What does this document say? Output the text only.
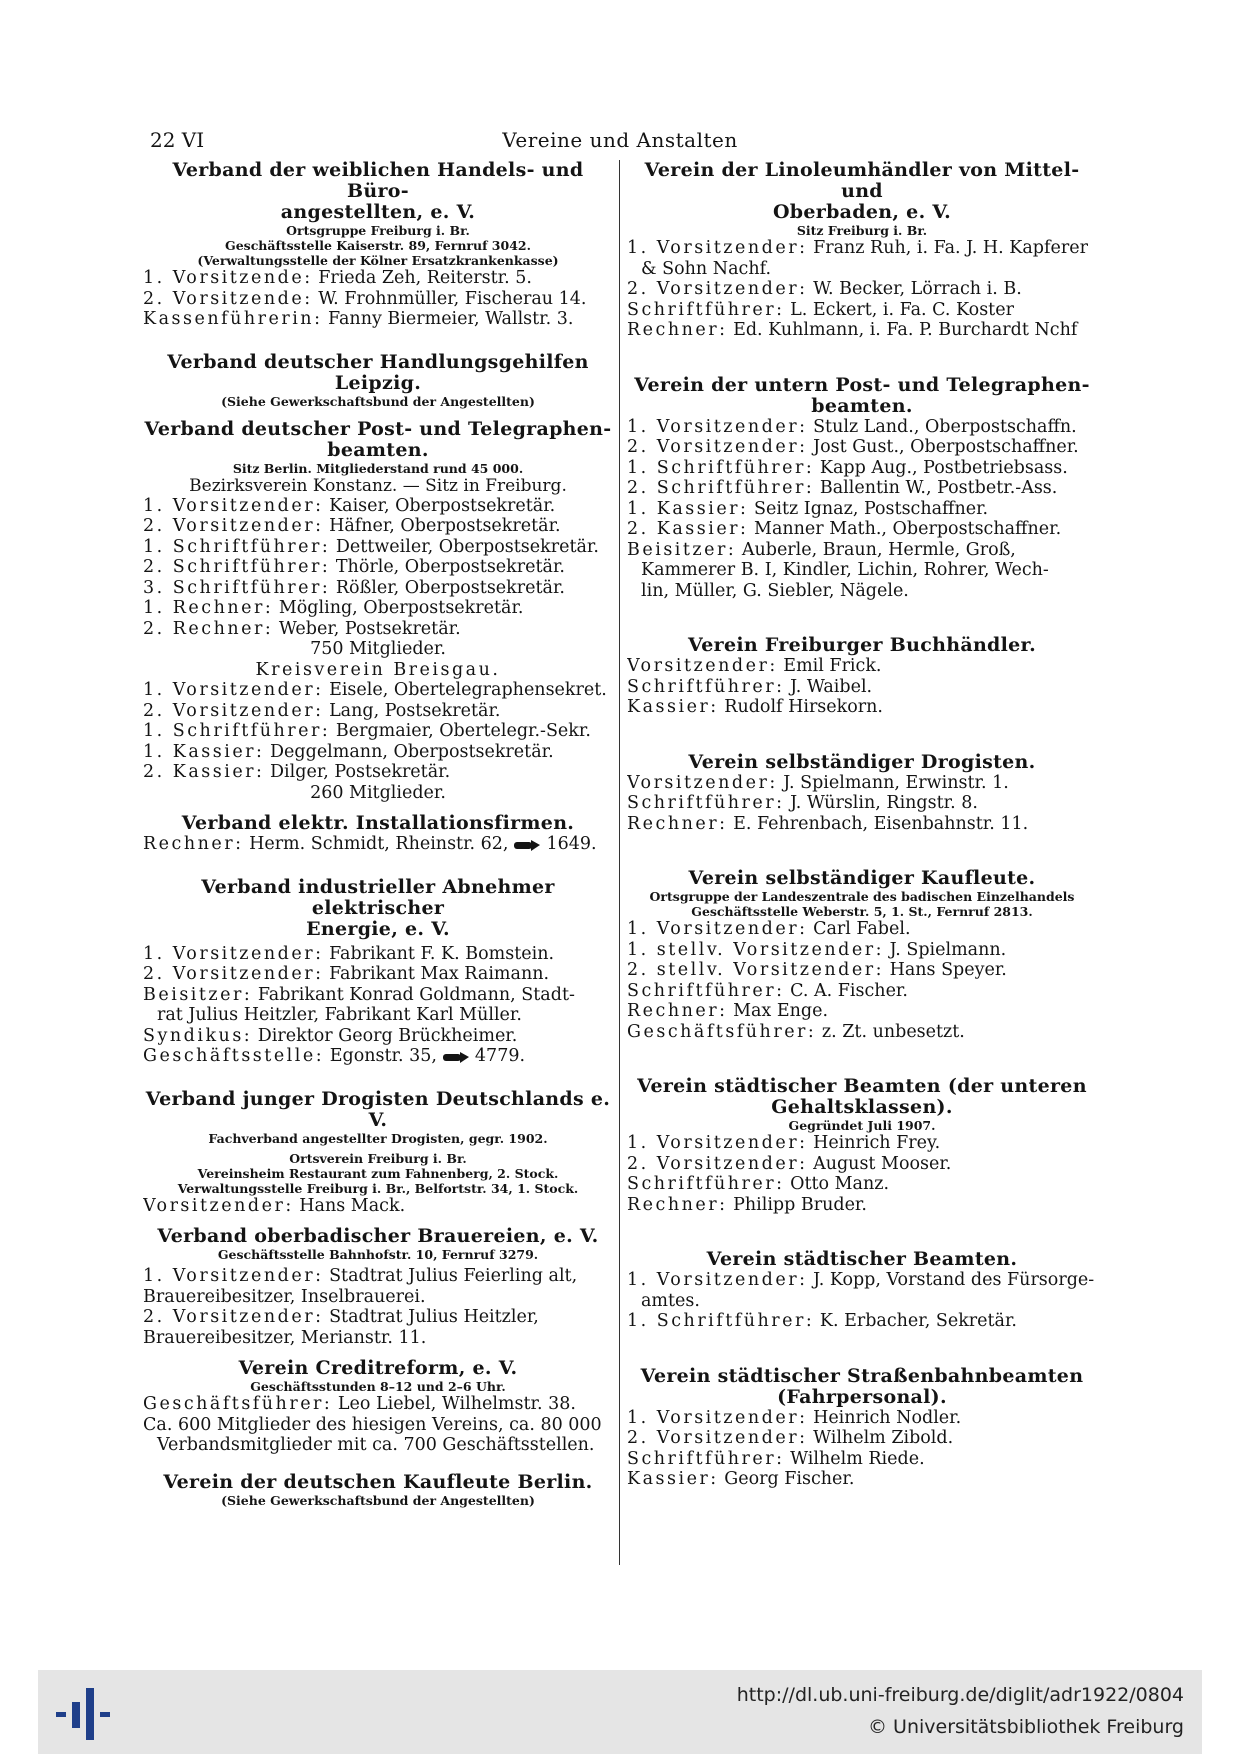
22 VI	Vereine und Anstalten

Verband der weiblichen Handels- und Büro-

angestellten, e. V.

Ortsgruppe Freiburg i. Br.

Geschäftsstelle Kaiserstr. 89, Fernruf 3042.

(Verwaltungsstelle der Kölner Ersatzkrankenkasse)

1. Vorsitzende: Frieda Zeh, Reiterstr. 5.

2. Vorsitzende: W. Frohnmüller, Fischerau 14.

Kassenführerin: Fanny Biermeier, Wallstr. 3.

Verband deutscher Handlungsgehilfen Leipzig.

(Siehe Gewerkschaftsbund der Angestellten)

Verband deutscher Post- und Telegraphen-

beamten.

Sitz Berlin. Mitgliederstand rund 45 000.

Bezirksverein Konstanz. — Sitz in Freiburg.

1. Vorsitzender: Kaiser, Oberpostsekretär.

2. Vorsitzender: Häfner, Oberpostsekretär.

1. Schriftführer: Dettweiler, Oberpostsekretär.

2. Schriftführer: Thörle, Oberpostsekretär.

3. Schriftführer: Rößler, Oberpostsekretär.

1. Rechner: Mögling, Oberpostsekretär.

2. Rechner: Weber, Postsekretär.

750 Mitglieder.

Kreisverein Breisgau.

1. Vorsitzender: Eisele, Obertelegraphensekret.

2. Vorsitzender: Lang, Postsekretär.

1. Schriftführer: Bergmaier, Obertelegr.-Sekr.

1. Kassier: Deggelmann, Oberpostsekretär.

2. Kassier: Dilger, Postsekretär.

260 Mitglieder.

Verband elektr. Installationsfirmen.

Rechner: Herm. Schmidt, Rheinstr. 62, 1649.

Verband industrieller Abnehmer elektrischer

Energie, e. V.

1. Vorsitzender: Fabrikant F. K. Bomstein.

2. Vorsitzender: Fabrikant Max Raimann.

Beisitzer: Fabrikant Konrad Goldmann, Stadt-

rat Julius Heitzler, Fabrikant Karl Müller.

Syndikus: Direktor Georg Brückheimer.

Geschäftsstelle: Egonstr. 35, 4779.

Verband junger Drogisten Deutschlands e. V.

Fachverband angestellter Drogisten, gegr. 1902.

Ortsverein Freiburg i. Br.

Vereinsheim Restaurant zum Fahnenberg, 2. Stock.

Verwaltungsstelle Freiburg i. Br., Belfortstr. 34, 1. Stock.

Vorsitzender: Hans Mack.

Verband oberbadischer Brauereien, e. V.

Geschäftsstelle Bahnhofstr. 10, Fernruf 3279.

1. Vorsitzender: Stadtrat Julius Feierling alt,

Brauereibesitzer, Inselbrauerei.

2. Vorsitzender: Stadtrat Julius Heitzler,

Brauereibesitzer, Merianstr. 11.

Verein Creditreform, e. V.

Geschäftsstunden 8–12 und 2–6 Uhr.

Geschäftsführer: Leo Liebel, Wilhelmstr. 38.

Ca. 600 Mitglieder des hiesigen Vereins, ca. 80 000

Verbandsmitglieder mit ca. 700 Geschäftsstellen.

Verein der deutschen Kaufleute Berlin.

(Siehe Gewerkschaftsbund der Angestellten)

Verein der Linoleumhändler von Mittel- und

Oberbaden, e. V.

Sitz Freiburg i. Br.

1. Vorsitzender: Franz Ruh, i. Fa. J. H. Kapferer

& Sohn Nachf.

2. Vorsitzender: W. Becker, Lörrach i. B.

Schriftführer: L. Eckert, i. Fa. C. Koster

Rechner: Ed. Kuhlmann, i. Fa. P. Burchardt Nchf

Verein der untern Post- und Telegraphen-

beamten.

1. Vorsitzender: Stulz Land., Oberpostschaffn.

2. Vorsitzender: Jost Gust., Oberpostschaffner.

1. Schriftführer: Kapp Aug., Postbetriebsass.

2. Schriftführer: Ballentin W., Postbetr.-Ass.

1. Kassier: Seitz Ignaz, Postschaffner.

2. Kassier: Manner Math., Oberpostschaffner.

Beisitzer: Auberle, Braun, Hermle, Groß,

Kammerer B. I, Kindler, Lichin, Rohrer, Wech-

lin, Müller, G. Siebler, Nägele.

Verein Freiburger Buchhändler.

Vorsitzender: Emil Frick.

Schriftführer: J. Waibel.

Kassier: Rudolf Hirsekorn.

Verein selbständiger Drogisten.

Vorsitzender: J. Spielmann, Erwinstr. 1.

Schriftführer: J. Würslin, Ringstr. 8.

Rechner: E. Fehrenbach, Eisenbahnstr. 11.

Verein selbständiger Kaufleute.

Ortsgruppe der Landeszentrale des badischen Einzelhandels

Geschäftsstelle Weberstr. 5, 1. St., Fernruf 2813.

1. Vorsitzender: Carl Fabel.

1. stellv. Vorsitzender: J. Spielmann.

2. stellv. Vorsitzender: Hans Speyer.

Schriftführer: C. A. Fischer.

Rechner: Max Enge.

Geschäftsführer: z. Zt. unbesetzt.

Verein städtischer Beamten (der unteren

Gehaltsklassen).

Gegründet Juli 1907.

1. Vorsitzender: Heinrich Frey.

2. Vorsitzender: August Mooser.

Schriftführer: Otto Manz.

Rechner: Philipp Bruder.

Verein städtischer Beamten.

1. Vorsitzender: J. Kopp, Vorstand des Fürsorge-

amtes.

1. Schriftführer: K. Erbacher, Sekretär.

Verein städtischer Straßenbahnbeamten

(Fahrpersonal).

1. Vorsitzender: Heinrich Nodler.

2. Vorsitzender: Wilhelm Zibold.

Schriftführer: Wilhelm Riede.

Kassier: Georg Fischer.

http://dl.ub.uni-freiburg.de/diglit/adr1922/0804
© Universitätsbibliothek Freiburg
